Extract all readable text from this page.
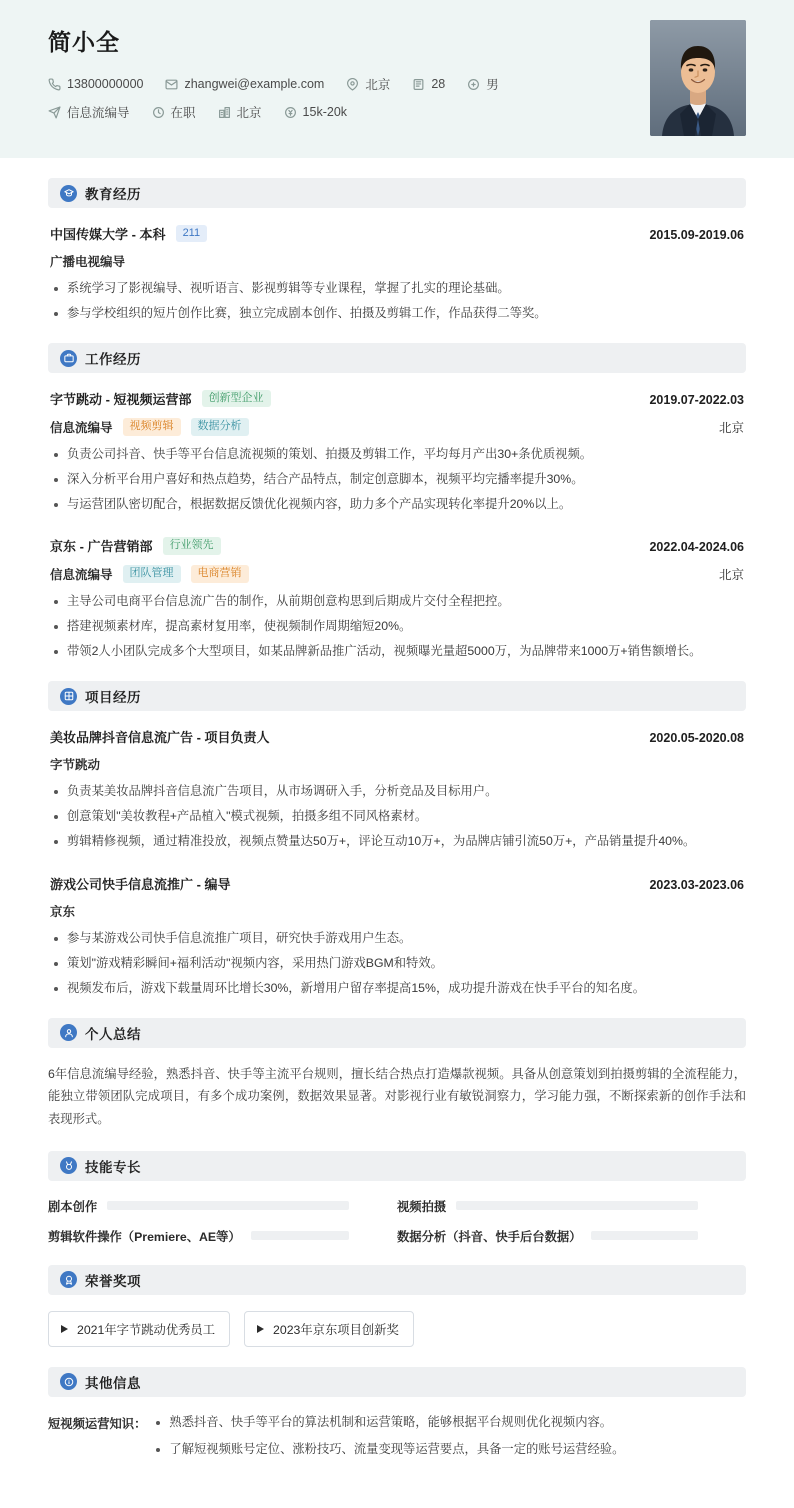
简小全
13800000000	zhangwei@example.com	北京	28	男
信息流编导	在职	北京	15k-20k
教育经历
中国传媒大学 - 本科	211	2015.09-2019.06
广播电视编导
系统学习了影视编导、视听语言、影视剪辑等专业课程，掌握了扎实的理论基础。
参与学校组织的短片创作比赛，独立完成剧本创作、拍摄及剪辑工作，作品获得二等奖。
工作经历
字节跳动 - 短视频运营部	创新型企业	2019.07-2022.03
信息流编导	视频剪辑	数据分析	北京
负责公司抖音、快手等平台信息流视频的策划、拍摄及剪辑工作，平均每月产出30+条优质视频。
深入分析平台用户喜好和热点趋势，结合产品特点，制定创意脚本，视频平均完播率提升30%。
与运营团队密切配合，根据数据反馈优化视频内容，助力多个产品实现转化率提升20%以上。
京东 - 广告营销部	行业领先	2022.04-2024.06
信息流编导	团队管理	电商营销	北京
主导公司电商平台信息流广告的制作，从前期创意构思到后期成片交付全程把控。
搭建视频素材库，提高素材复用率，使视频制作周期缩短20%。
带领2人小团队完成多个大型项目，如某品牌新品推广活动，视频曝光量超5000万，为品牌带来1000万+销售额增长。
项目经历
美妆品牌抖音信息流广告 - 项目负责人	2020.05-2020.08
字节跳动
负责某美妆品牌抖音信息流广告项目，从市场调研入手，分析竞品及目标用户。
创意策划"美妆教程+产品植入"模式视频，拍摄多组不同风格素材。
剪辑精修视频，通过精准投放，视频点赞量达50万+，评论互动10万+，为品牌店铺引流50万+，产品销量提升40%。
游戏公司快手信息流推广 - 编导	2023.03-2023.06
京东
参与某游戏公司快手信息流推广项目，研究快手游戏用户生态。
策划"游戏精彩瞬间+福利活动"视频内容，采用热门游戏BGM和特效。
视频发布后，游戏下载量周环比增长30%，新增用户留存率提高15%，成功提升游戏在快手平台的知名度。
个人总结
6年信息流编导经验，熟悉抖音、快手等主流平台规则，擅长结合热点打造爆款视频。具备从创意策划到拍摄剪辑的全流程能力，能独立带领团队完成项目，有多个成功案例，数据效果显著。对影视行业有敏锐洞察力，学习能力强，不断探索新的创作手法和表现形式。
技能专长
剧本创作	视频拍摄
剪辑软件操作（Premiere、AE等）	数据分析（抖音、快手后台数据）
荣誉奖项
2021年字节跳动优秀员工	2023年京东项目创新奖
其他信息
短视频运营知识：	熟悉抖音、快手等平台的算法机制和运营策略，能够根据平台规则优化视频内容。
了解短视频账号定位、涨粉技巧、流量变现等运营要点，具备一定的账号运营经验。
